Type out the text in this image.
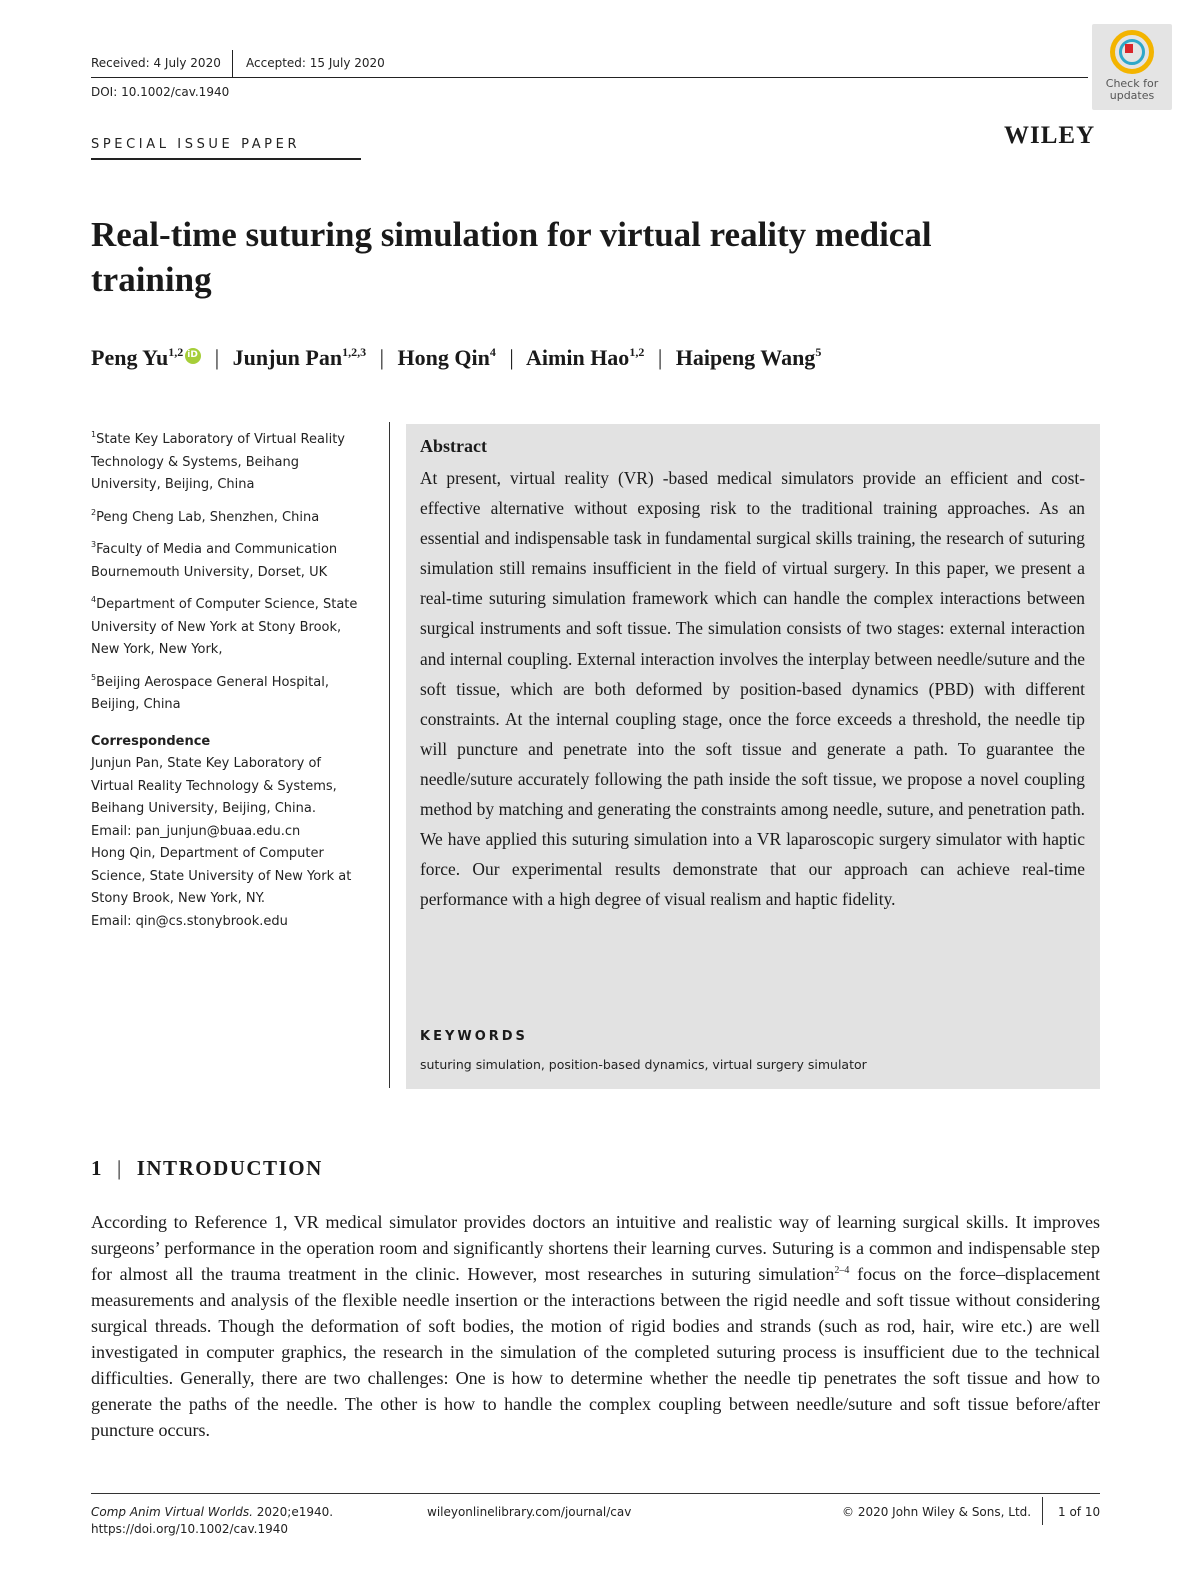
Received: 4 July 2020 Accepted: 15 July 2020
DOI: 10.1002/cav.1940
Check for updates
SPECIAL ISSUE PAPER	WILEY
Real-time suturing simulation for virtual reality medical training
Peng Yu$^{1,2}$iD | Junjun Pan$^{1,2,3}$ | Hong Qin$^4$ | Aimin Hao$^{1,2}$ | Haipeng Wang$^5$
$^1$State Key Laboratory of Virtual Reality Technology & Systems, Beihang University, Beijing, China
$^2$Peng Cheng Lab, Shenzhen, China
$^3$Faculty of Media and Communication Bournemouth University, Dorset, UK
$^4$Department of Computer Science, State University of New York at Stony Brook, New York, New York,
$^5$Beijing Aerospace General Hospital, Beijing, China
Correspondence
Junjun Pan, State Key Laboratory of
Virtual Reality Technology & Systems,
Beihang University, Beijing, China.
Email: pan_junjun@buaa.edu.cn
Hong Qin, Department of Computer
Science, State University of New York at
Stony Brook, New York, NY.
Email: qin@cs.stonybrook.edu
Abstract
At present, virtual reality (VR) -based medical simulators provide an efficient and cost-effective alternative without exposing risk to the traditional training approaches. As an essential and indispensable task in fundamental surgical skills training, the research of suturing simulation still remains insufficient in the field of virtual surgery. In this paper, we present a real-time suturing simulation framework which can handle the complex interactions between surgical instruments and soft tissue. The simulation consists of two stages: external interaction and internal coupling. External interaction involves the interplay between needle/suture and the soft tissue, which are both deformed by position-based dynamics (PBD) with different constraints. At the internal coupling stage, once the force exceeds a threshold, the needle tip will puncture and penetrate into the soft tissue and generate a path. To guarantee the needle/suture accurately following the path inside the soft tissue, we propose a novel coupling method by matching and generating the constraints among needle, suture, and penetration path. We have applied this suturing simulation into a VR laparoscopic surgery simulator with haptic force. Our experimental results demonstrate that our approach can achieve real-time performance with a high degree of visual realism and haptic fidelity.
KEYWORDS
suturing simulation, position-based dynamics, virtual surgery simulator
1 | INTRODUCTION
According to Reference 1, VR medical simulator provides doctors an intuitive and realistic way of learning surgical skills. It improves surgeons’ performance in the operation room and significantly shortens their learning curves. Suturing is a common and indispensable step for almost all the trauma treatment in the clinic. However, most researches in suturing simulation$^{2-4}$ focus on the force–displacement measurements and analysis of the flexible needle insertion or the interactions between the rigid needle and soft tissue without considering surgical threads. Though the deformation of soft bodies, the motion of rigid bodies and strands (such as rod, hair, wire etc.) are well investigated in computer graphics, the research in the simulation of the completed suturing process is insufficient due to the technical difficulties. Generally, there are two challenges: One is how to determine whether the needle tip penetrates the soft tissue and how to generate the paths of the needle. The other is how to handle the complex coupling between needle/suture and soft tissue before/after puncture occurs.
Comp Anim Virtual Worlds. 2020;e1940.
https://doi.org/10.1002/cav.1940
wileyonlinelibrary.com/journal/cav	© 2020 John Wiley & Sons, Ltd. 1 of 10
